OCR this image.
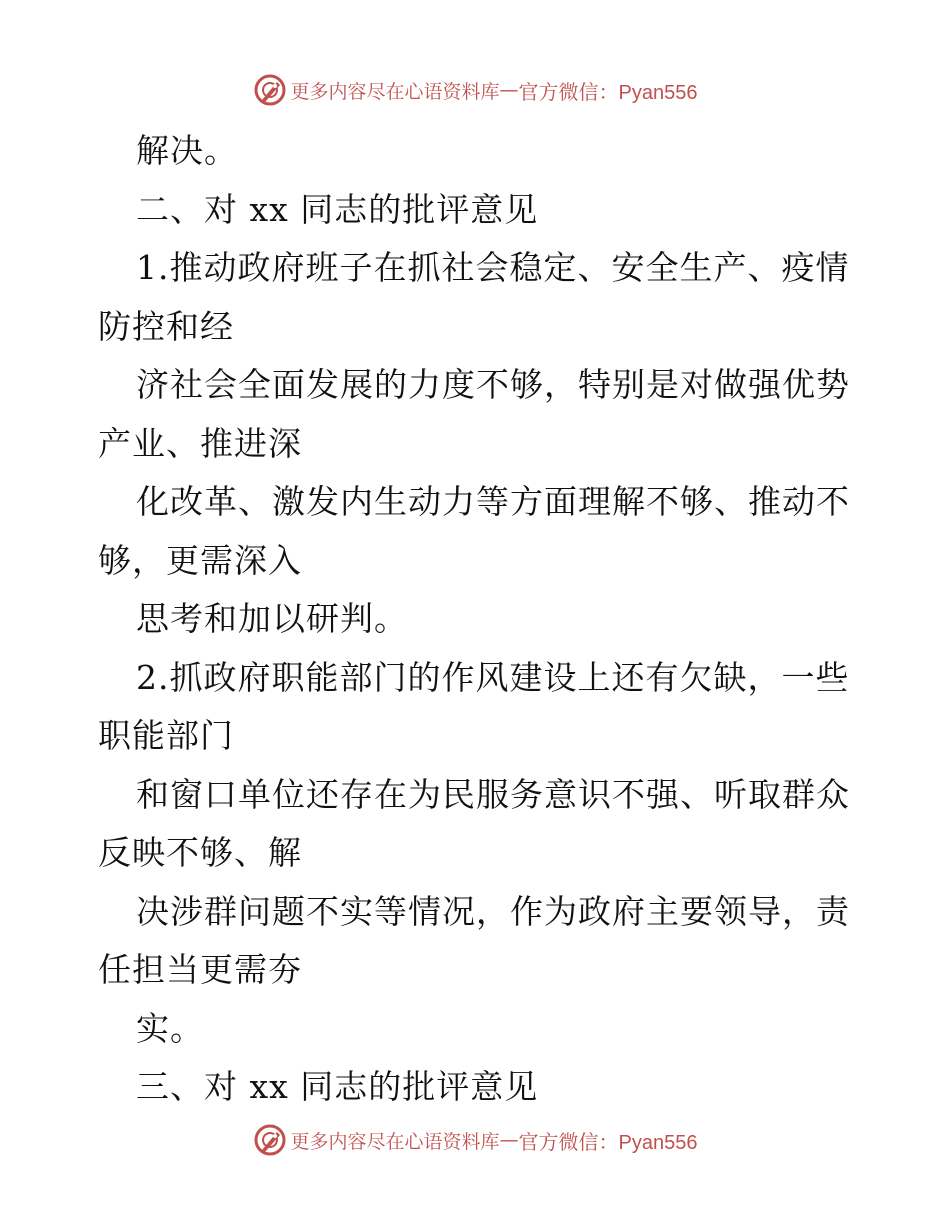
更多内容尽在心语资料库 — 官方微信：Pyan556
解决。
二、对 xx 同志的批评意见
1.推动政府班子在抓社会稳定、安全生产、疫情
防控和经
济社会全面发展的力度不够，特别是对做强优势
产业、推进深
化改革、激发内生动力等方面理解不够、推动不
够，更需深入
思考和加以研判。
2.抓政府职能部门的作风建设上还有欠缺，一些
职能部门
和窗口单位还存在为民服务意识不强、听取群众
反映不够、解
决涉群问题不实等情况，作为政府主要领导，责
任担当更需夯
实。
三、对 xx 同志的批评意见
更多内容尽在心语资料库 — 官方微信：Pyan556
